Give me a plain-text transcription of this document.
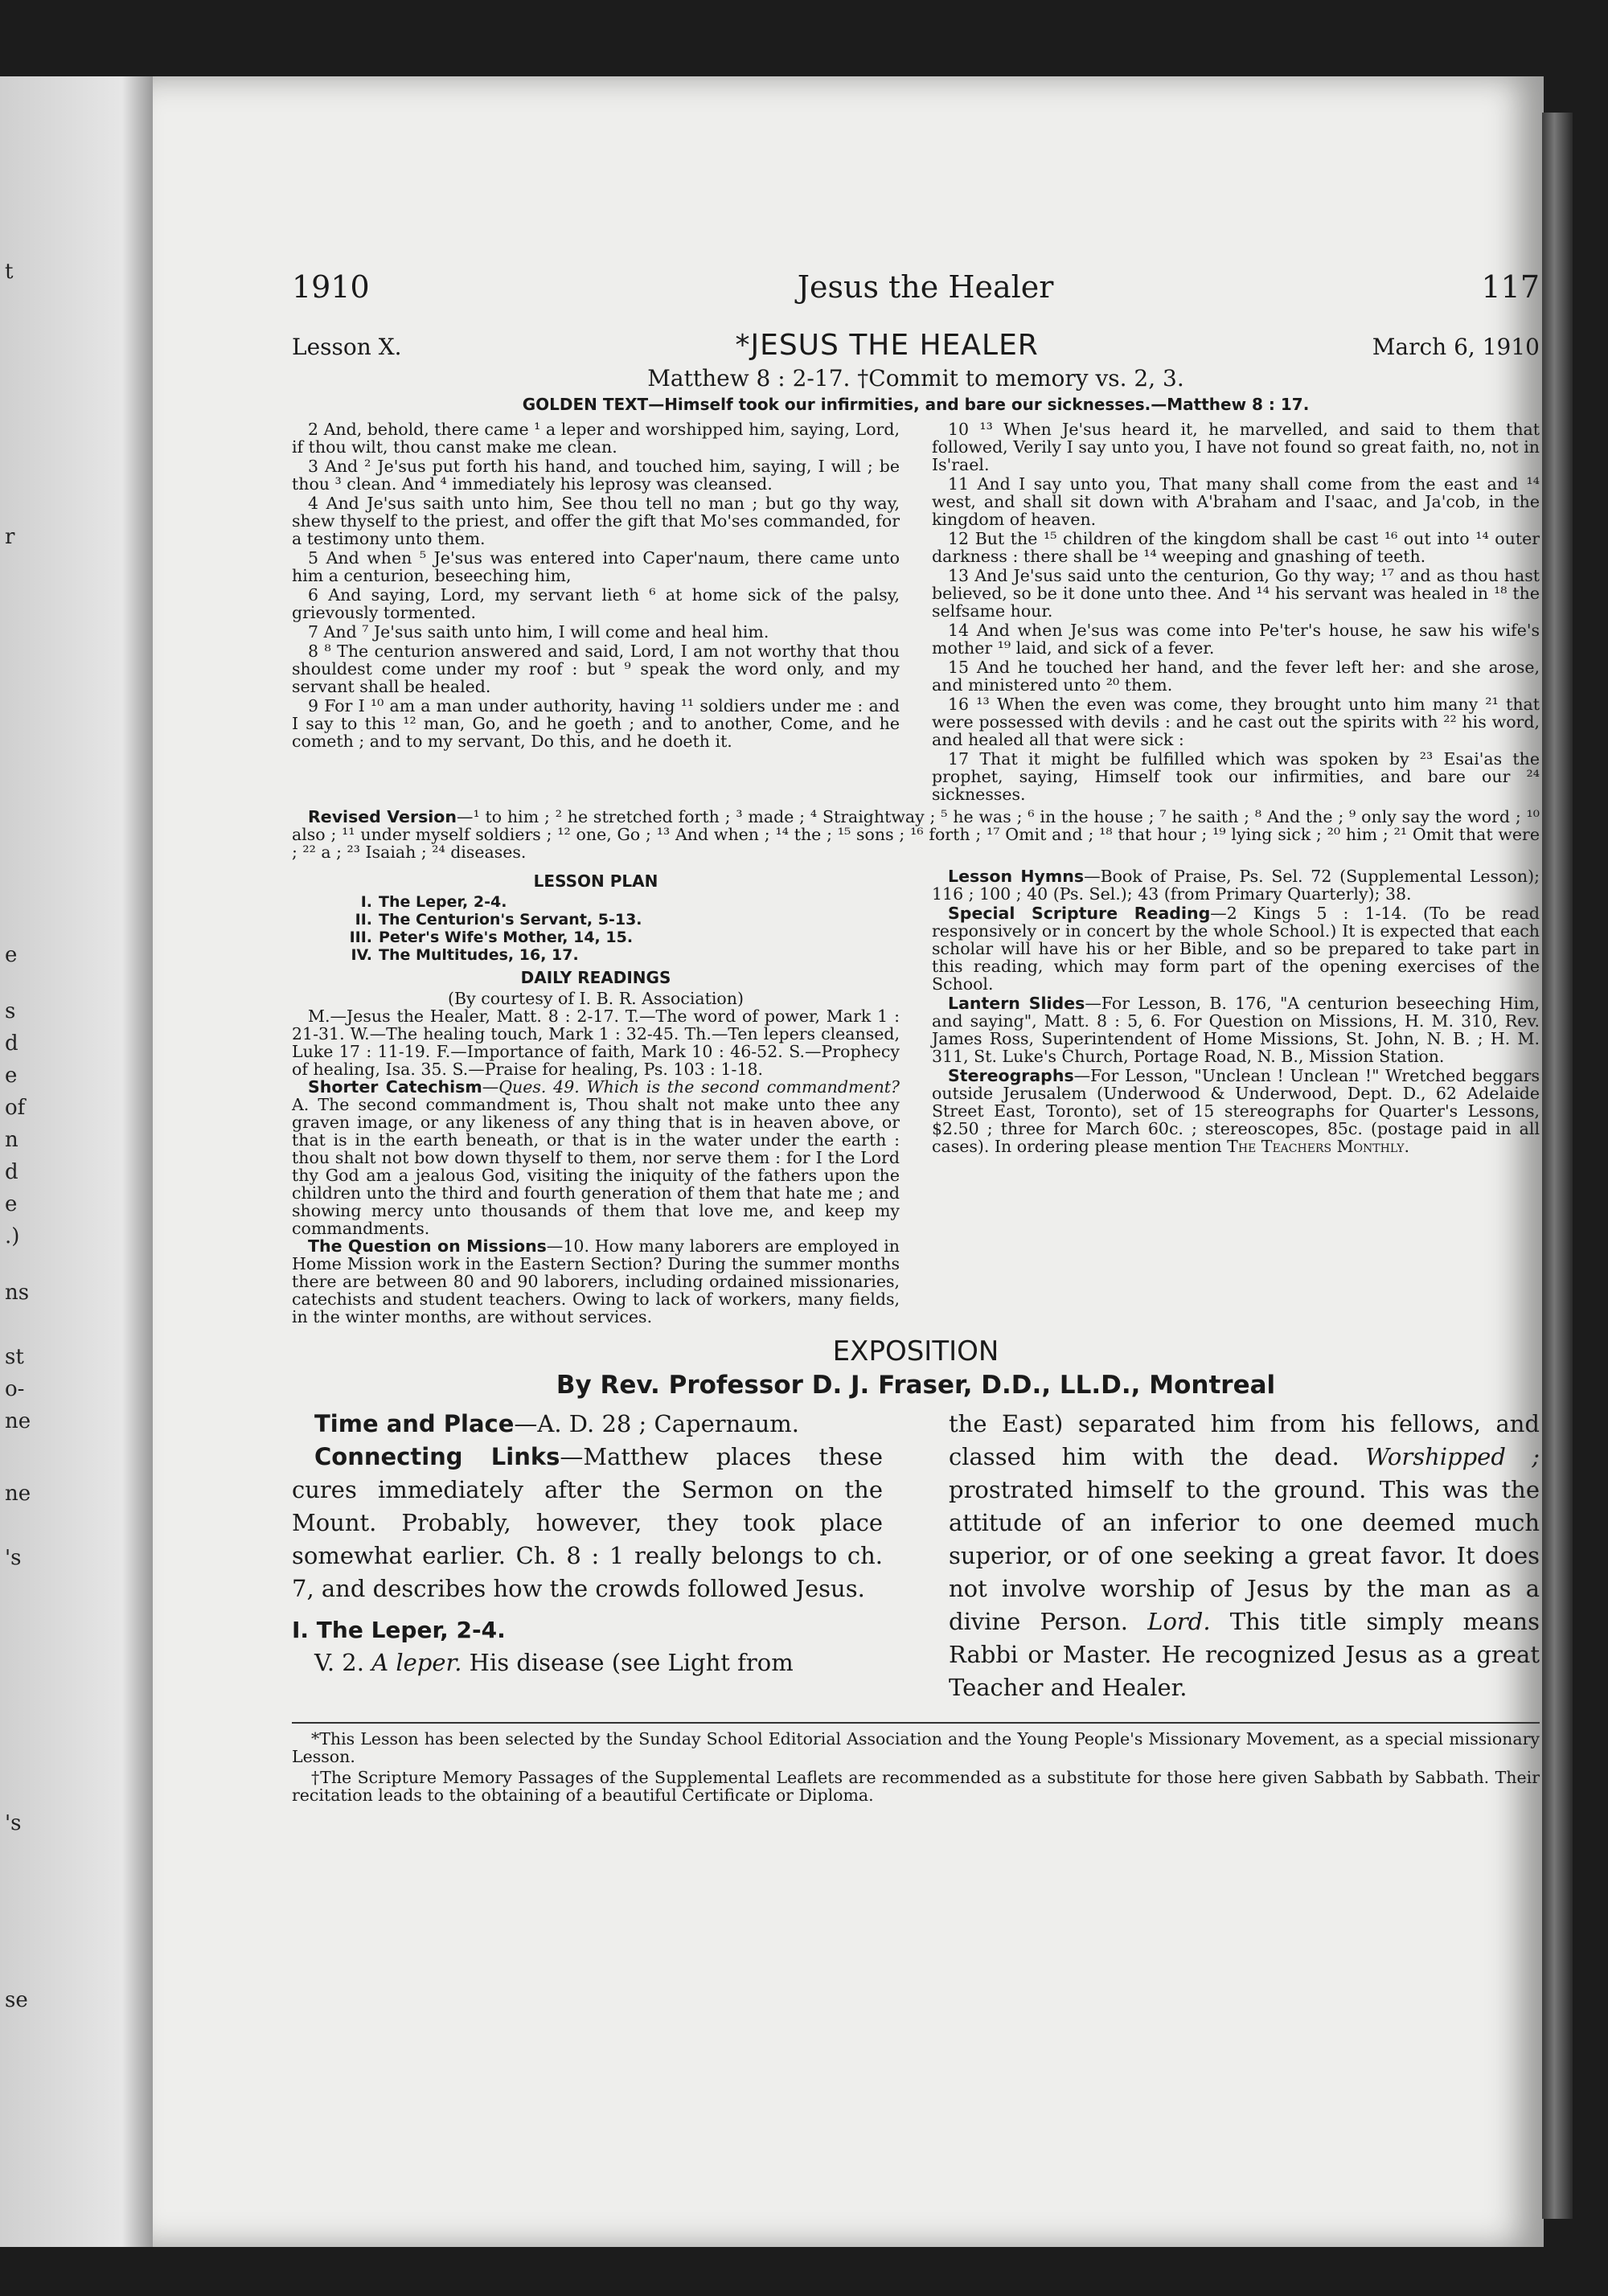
t
r
e
s
d
e
of
n
d
e
.)
ns
st
o-
ne
ne
's
's
se
1910	Jesus the Healer	117
Lesson X.	*JESUS THE HEALER	March 6, 1910
Matthew 8 : 2-17. †Commit to memory vs. 2, 3.
GOLDEN TEXT—Himself took our infirmities, and bare our sicknesses.—Matthew 8 : 17.

2 And, behold, there came ¹ a leper and worshipped him, saying, Lord, if thou wilt, thou canst make me clean.

3 And ² Je'sus put forth his hand, and touched him, saying, I will ; be thou ³ clean. And ⁴ immediately his leprosy was cleansed.

4 And Je'sus saith unto him, See thou tell no man ; but go thy way, shew thyself to the priest, and offer the gift that Mo'ses commanded, for a testimony unto them.

5 And when ⁵ Je'sus was entered into Caper'naum, there came unto him a centurion, beseeching him,

6 And saying, Lord, my servant lieth ⁶ at home sick of the palsy, grievously tormented.

7 And ⁷ Je'sus saith unto him, I will come and heal him.

8 ⁸ The centurion answered and said, Lord, I am not worthy that thou shouldest come under my roof : but ⁹ speak the word only, and my servant shall be healed.

9 For I ¹⁰ am a man under authority, having ¹¹ soldiers under me : and I say to this ¹² man, Go, and he goeth ; and to another, Come, and he cometh ; and to my servant, Do this, and he doeth it.

10 ¹³ When Je'sus heard it, he marvelled, and said to them that followed, Verily I say unto you, I have not found so great faith, no, not in Is'rael.

11 And I say unto you, That many shall come from the east and ¹⁴ west, and shall sit down with A'braham and I'saac, and Ja'cob, in the kingdom of heaven.

12 But the ¹⁵ children of the kingdom shall be cast ¹⁶ out into ¹⁴ outer darkness : there shall be ¹⁴ weeping and gnashing of teeth.

13 And Je'sus said unto the centurion, Go thy way; ¹⁷ and as thou hast believed, so be it done unto thee. And ¹⁴ his servant was healed in ¹⁸ the selfsame hour.

14 And when Je'sus was come into Pe'ter's house, he saw his wife's mother ¹⁹ laid, and sick of a fever.

15 And he touched her hand, and the fever left her: and she arose, and ministered unto ²⁰ them.

16 ¹³ When the even was come, they brought unto him many ²¹ that were possessed with devils : and he cast out the spirits with ²² his word, and healed all that were sick :

17 That it might be fulfilled which was spoken by ²³ Esai'as the prophet, saying, Himself took our infirmities, and bare our ²⁴ sicknesses.

Revised Version—¹ to him ; ² he stretched forth ; ³ made ; ⁴ Straightway ; ⁵ he was ; ⁶ in the house ; ⁷ he saith ; ⁸ And the ; ⁹ only say the word ; ¹⁰ also ; ¹¹ under myself soldiers ; ¹² one, Go ; ¹³ And when ; ¹⁴ the ; ¹⁵ sons ; ¹⁶ forth ; ¹⁷ Omit and ; ¹⁸ that hour ; ¹⁹ lying sick ; ²⁰ him ; ²¹ Omit that were ; ²² a ; ²³ Isaiah ; ²⁴ diseases.
LESSON PLAN
I. The Leper, 2-4.
II. The Centurion's Servant, 5-13.
III. Peter's Wife's Mother, 14, 15.
IV. The Multitudes, 16, 17.
DAILY READINGS
(By courtesy of I. B. R. Association)

M.—Jesus the Healer, Matt. 8 : 2-17. T.—The word of power, Mark 1 : 21-31. W.—The healing touch, Mark 1 : 32-45. Th.—Ten lepers cleansed, Luke 17 : 11-19. F.—Importance of faith, Mark 10 : 46-52. S.—Prophecy of healing, Isa. 35. S.—Praise for healing, Ps. 103 : 1-18.

Shorter Catechism—Ques. 49. Which is the second commandment? A. The second commandment is, Thou shalt not make unto thee any graven image, or any likeness of any thing that is in heaven above, or that is in the earth beneath, or that is in the water under the earth : thou shalt not bow down thyself to them, nor serve them : for I the Lord thy God am a jealous God, visiting the iniquity of the fathers upon the children unto the third and fourth generation of them that hate me ; and showing mercy unto thousands of them that love me, and keep my commandments.

The Question on Missions—10. How many laborers are employed in Home Mission work in the Eastern Section? During the summer months there are between 80 and 90 laborers, including ordained missionaries, catechists and student teachers. Owing to lack of workers, many fields, in the winter months, are without services.

Lesson Hymns—Book of Praise, Ps. Sel. 72 (Supplemental Lesson); 116 ; 100 ; 40 (Ps. Sel.); 43 (from Primary Quarterly); 38.

Special Scripture Reading—2 Kings 5 : 1-14. (To be read responsively or in concert by the whole School.) It is expected that each scholar will have his or her Bible, and so be prepared to take part in this reading, which may form part of the opening exercises of the School.

Lantern Slides—For Lesson, B. 176, "A centurion beseeching Him, and saying", Matt. 8 : 5, 6. For Question on Missions, H. M. 310, Rev. James Ross, Superintendent of Home Missions, St. John, N. B. ; H. M. 311, St. Luke's Church, Portage Road, N. B., Mission Station.

Stereographs—For Lesson, "Unclean ! Unclean !" Wretched beggars outside Jerusalem (Underwood & Underwood, Dept. D., 62 Adelaide Street East, Toronto), set of 15 stereographs for Quarter's Lessons, $2.50 ; three for March 60c. ; stereoscopes, 85c. (postage paid in all cases). In ordering please mention The Teachers Monthly.

EXPOSITION
By Rev. Professor D. J. Fraser, D.D., LL.D., Montreal

Time and Place—A. D. 28 ; Capernaum.

Connecting Links—Matthew places these cures immediately after the Sermon on the Mount. Probably, however, they took place somewhat earlier. Ch. 8 : 1 really belongs to ch. 7, and describes how the crowds followed Jesus.

I. The Leper, 2-4.

V. 2. A leper. His disease (see Light from

the East) separated him from his fellows, and classed him with the dead. Worshipped ; prostrated himself to the ground. This was the attitude of an inferior to one deemed much superior, or of one seeking a great favor. It does not involve worship of Jesus by the man as a divine Person. Lord. This title simply means Rabbi or Master. He recognized Jesus as a great Teacher and Healer.

*This Lesson has been selected by the Sunday School Editorial Association and the Young People's Missionary Movement, as a special missionary Lesson.

†The Scripture Memory Passages of the Supplemental Leaflets are recommended as a substitute for those here given Sabbath by Sabbath. Their recitation leads to the obtaining of a beautiful Certificate or Diploma.
